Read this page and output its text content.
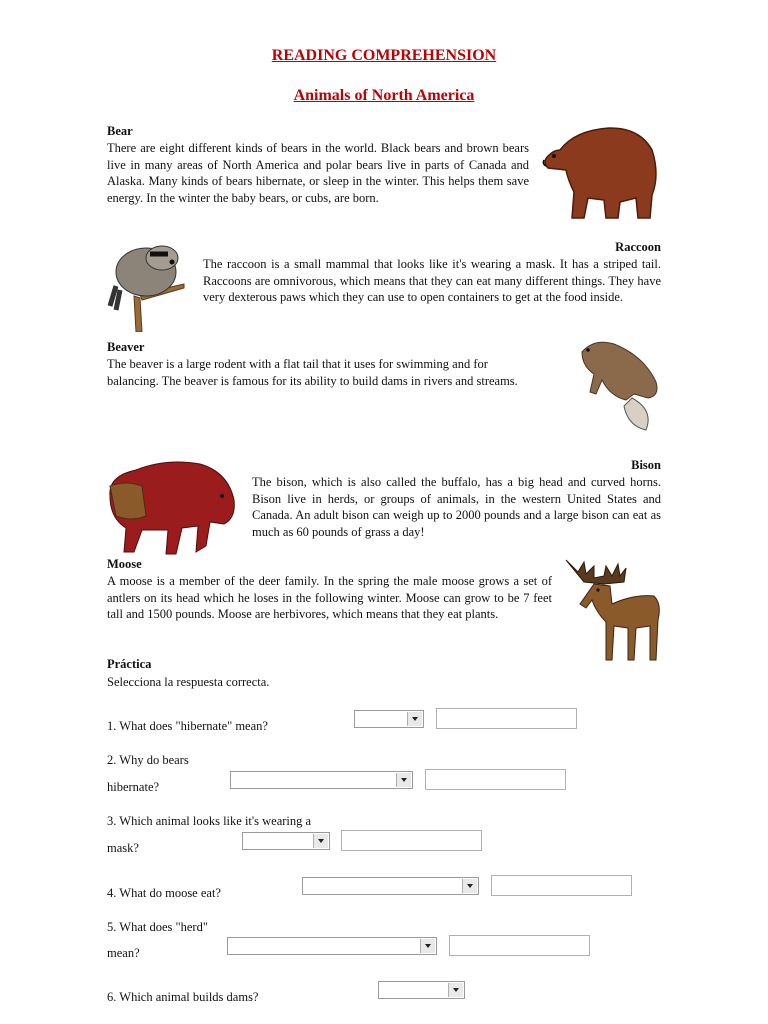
READING COMPREHENSION
Animals of North America
Bear
There are eight different kinds of bears in the world. Black bears and brown bears live in many areas of North America and polar bears live in parts of Canada and Alaska. Many kinds of bears hibernate, or sleep in the winter. This helps them save energy. In the winter the baby bears, or cubs, are born.
Raccoon
The raccoon is a small mammal that looks like it's wearing a mask. It has a striped tail. Raccoons are omnivorous, which means that they can eat many different things. They have very dexterous paws which they can use to open containers to get at the food inside.
Beaver
The beaver is a large rodent with a flat tail that it uses for swimming and for balancing. The beaver is famous for its ability to build dams in rivers and streams.
Bison
The bison, which is also called the buffalo, has a big head and curved horns. Bison live in herds, or groups of animals, in the western United States and Canada. An adult bison can weigh up to 2000 pounds and a large bison can eat as much as 60 pounds of grass a day!
Moose
A moose is a member of the deer family. In the spring the male moose grows a set of antlers on its head which he loses in the following winter. Moose can grow to be 7 feet tall and 1500 pounds. Moose are herbivores, which means that they eat plants.
Práctica
Selecciona la respuesta correcta.
1. What does "hibernate" mean?
2. Why do bears
hibernate?
3. Which animal looks like it's wearing a
mask?
4. What do moose eat?
5. What does "herd"
mean?
6. Which animal builds dams?
